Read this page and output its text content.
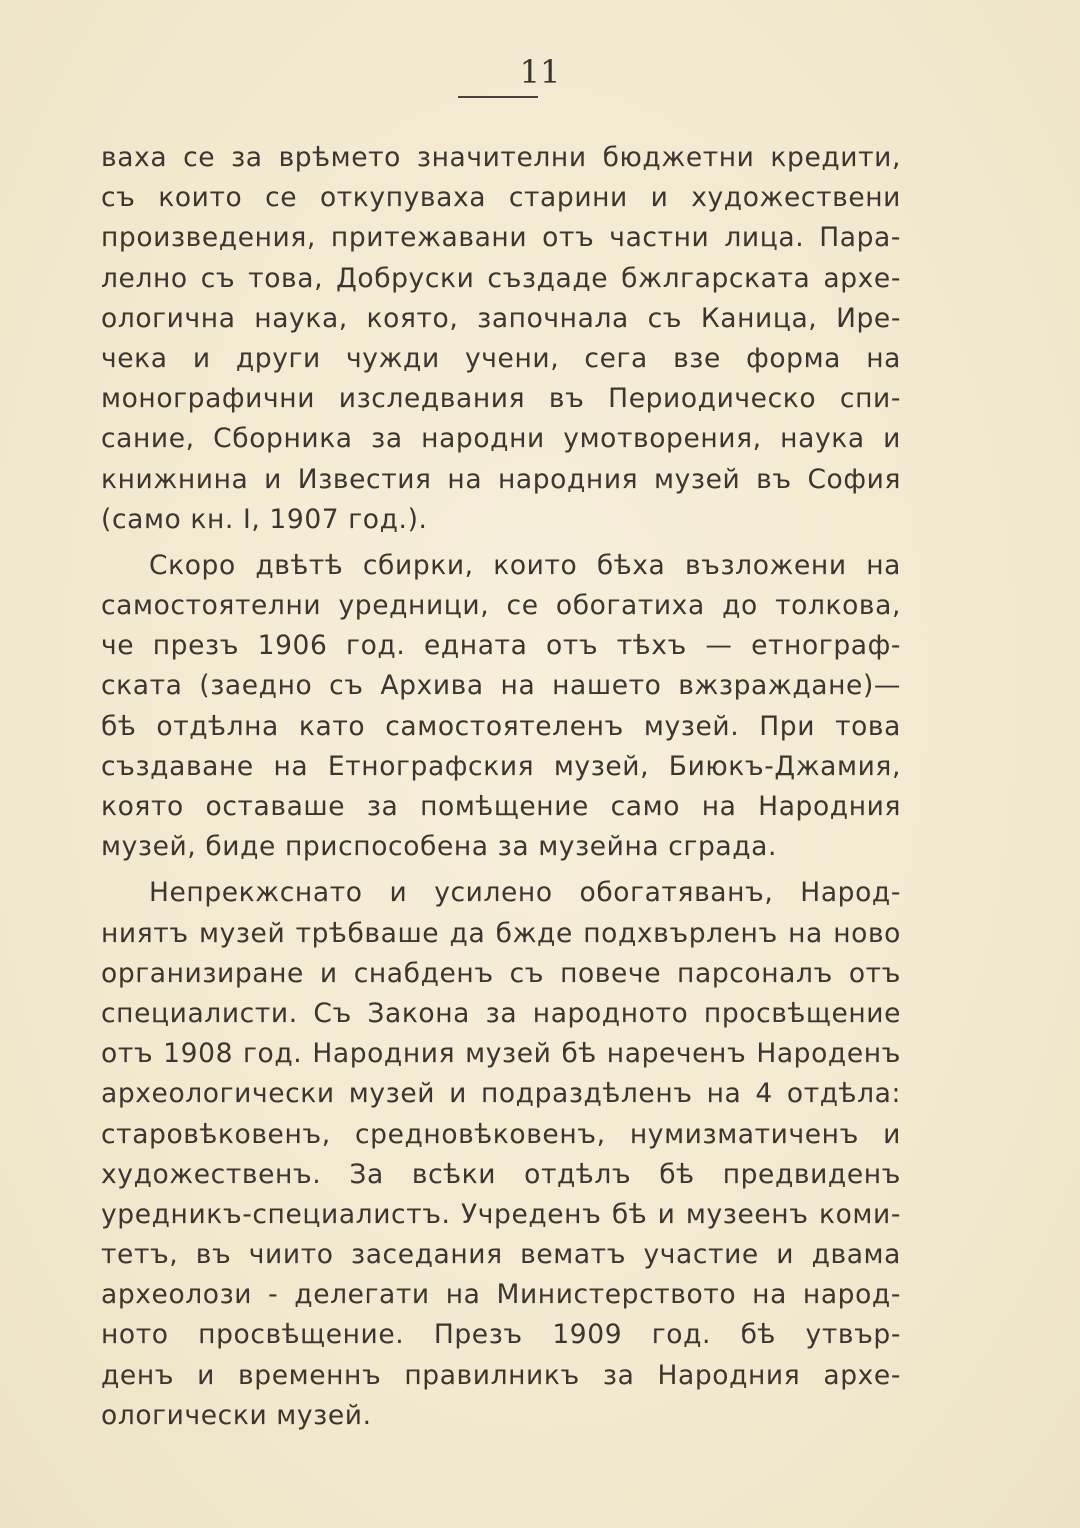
11
ваха се за врѣмето значителни бюджетни кредити,
съ които се откупуваха старини и художествени
произведения, притежавани отъ частни лица. Пара-
лелно съ това, Добруски създаде бжлгарската архе-
ологична наука, която, започнала съ Каница, Ире-
чека и други чужди учени, сега взе форма на
монографични изследвания въ Периодическо спи-
сание, Сборника за народни умотворения, наука и
книжнина и Известия на народния музей въ София
(само кн. I, 1907 год.).
Скоро двѣтѣ сбирки, които бѣха възложени на
самостоятелни уредници, се обогатиха до толкова,
че презъ 1906 год. едната отъ тѣхъ — етнограф-
ската (заедно съ Архива на нашето вжзраждане)—
бѣ отдѣлна като самостоятеленъ музей. При това
създаване на Етнографския музей, Биюкъ-Джамия,
която оставаше за помѣщение само на Народния
музей, биде приспособена за музейна сграда.
Непрекжснато и усилено обогатяванъ, Народ-
ниятъ музей трѣбваше да бжде подхвърленъ на ново
организиране и снабденъ съ повече парсоналъ отъ
специалисти. Съ Закона за народното просвѣщение
отъ 1908 год. Народния музей бѣ нареченъ Народенъ
археологически музей и подраздѣленъ на 4 отдѣла:
старовѣковенъ, средновѣковенъ, нумизматиченъ и
художественъ. За всѣки отдѣлъ бѣ предвиденъ
уредникъ-специалистъ. Учреденъ бѣ и музеенъ коми-
тетъ, въ чиито заседания вематъ участие и двама
археолози - делегати на Министерството на народ-
ното просвѣщение. Презъ 1909 год. бѣ утвър-
денъ и временнъ правилникъ за Народния архе-
ологически музей.
